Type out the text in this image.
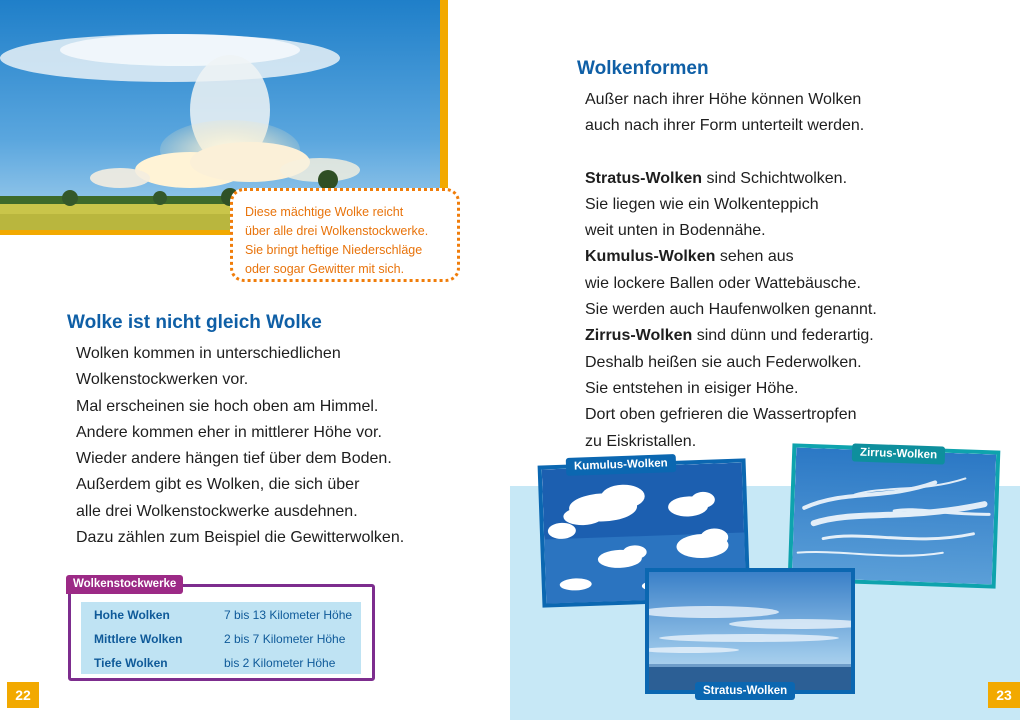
Diese mächtige Wolke reicht
über alle drei Wolkenstockwerke.
Sie bringt heftige Niederschläge
oder sogar Gewitter mit sich.
Wolke ist nicht gleich Wolke
Wolken kommen in unterschiedlichen
Wolkenstockwerken vor.
Mal erscheinen sie hoch oben am Himmel.
Andere kommen eher in mittlerer Höhe vor.
Wieder andere hängen tief über dem Boden.
Außerdem gibt es Wolken, die sich über
alle drei Wolkenstockwerke ausdehnen.
Dazu zählen zum Beispiel die Gewitterwolken.
Hohe Wolken	7 bis 13 Kilometer Höhe
Mittlere Wolken	2 bis 7 Kilometer Höhe
Tiefe Wolken	bis 2 Kilometer Höhe
Wolkenstockwerke
22
Wolkenformen
Außer nach ihrer Höhe können Wolken
auch nach ihrer Form unterteilt werden.
Stratus-Wolken sind Schichtwolken.
Sie liegen wie ein Wolkenteppich
weit unten in Bodennähe.
Kumulus-Wolken sehen aus
wie lockere Ballen oder Wattebäusche.
Sie werden auch Haufenwolken genannt.
Zirrus-Wolken sind dünn und federartig.
Deshalb heißen sie auch Federwolken.
Sie entstehen in eisiger Höhe.
Dort oben gefrieren die Wassertropfen
zu Eiskristallen.
Kumulus-Wolken
Zirrus-Wolken
Stratus-Wolken	23
